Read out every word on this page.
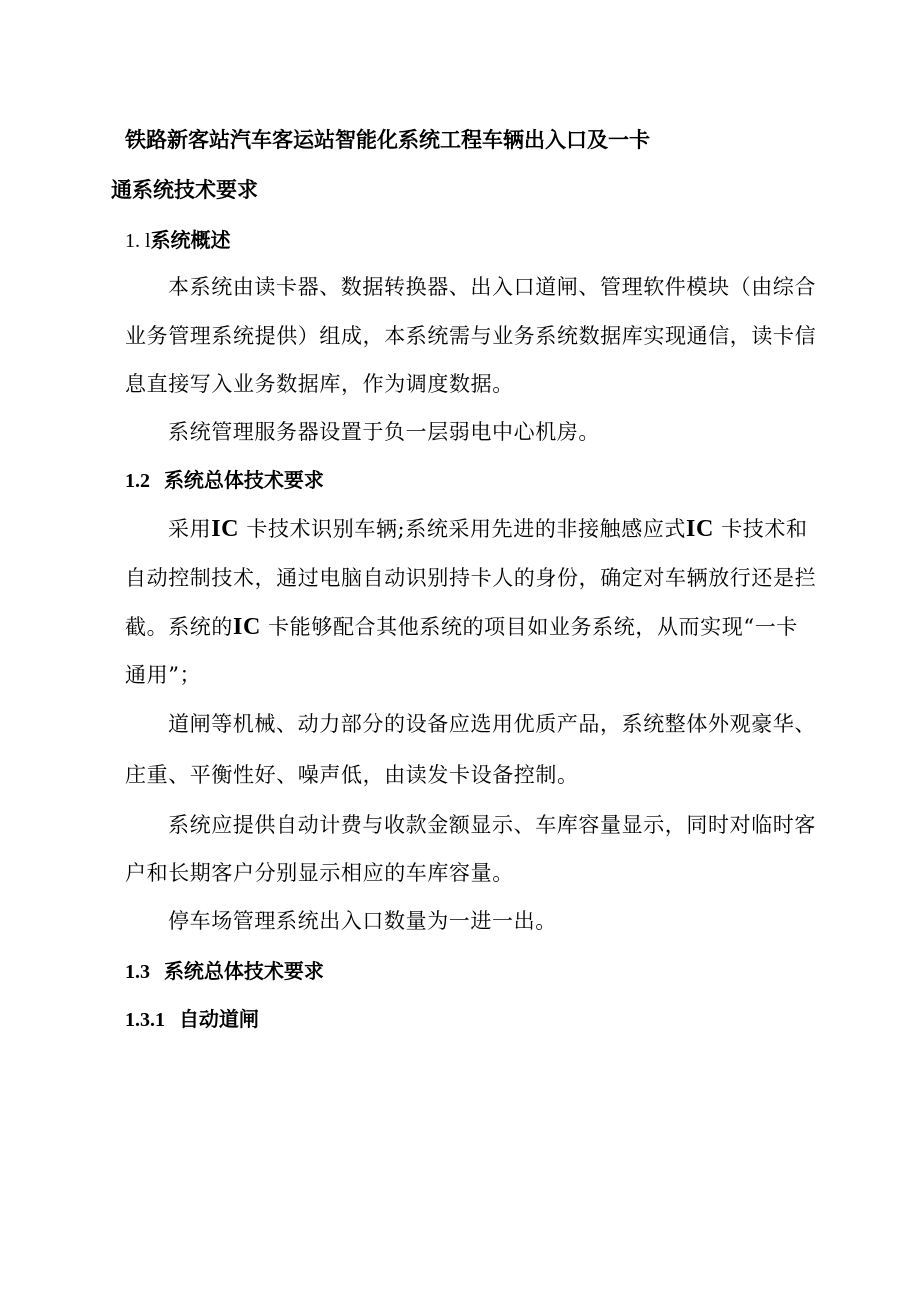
铁路新客站汽车客运站智能化系统工程车辆出入口及一卡
通系统技术要求
1. l系统概述
本系统由读卡器、数据转换器、出入口道闸、管理软件模块（由综合
业务管理系统提供）组成，本系统需与业务系统数据库实现通信，读卡信
息直接写入业务数据库，作为调度数据。
系统管理服务器设置于负一层弱电中心机房。
1.2 系统总体技术要求
采用IC 卡技术识别车辆;系统采用先进的非接触感应式IC 卡技术和
自动控制技术，通过电脑自动识别持卡人的身份，确定对车辆放行还是拦
截。系统的IC 卡能够配合其他系统的项目如业务系统，从而实现“一卡
通用”；
道闸等机械、动力部分的设备应选用优质产品，系统整体外观豪华、
庄重、平衡性好、噪声低，由读发卡设备控制。
系统应提供自动计费与收款金额显示、车库容量显示，同时对临时客
户和长期客户分别显示相应的车库容量。
停车场管理系统出入口数量为一进一出。
1.3 系统总体技术要求
1.3.1 自动道闸
